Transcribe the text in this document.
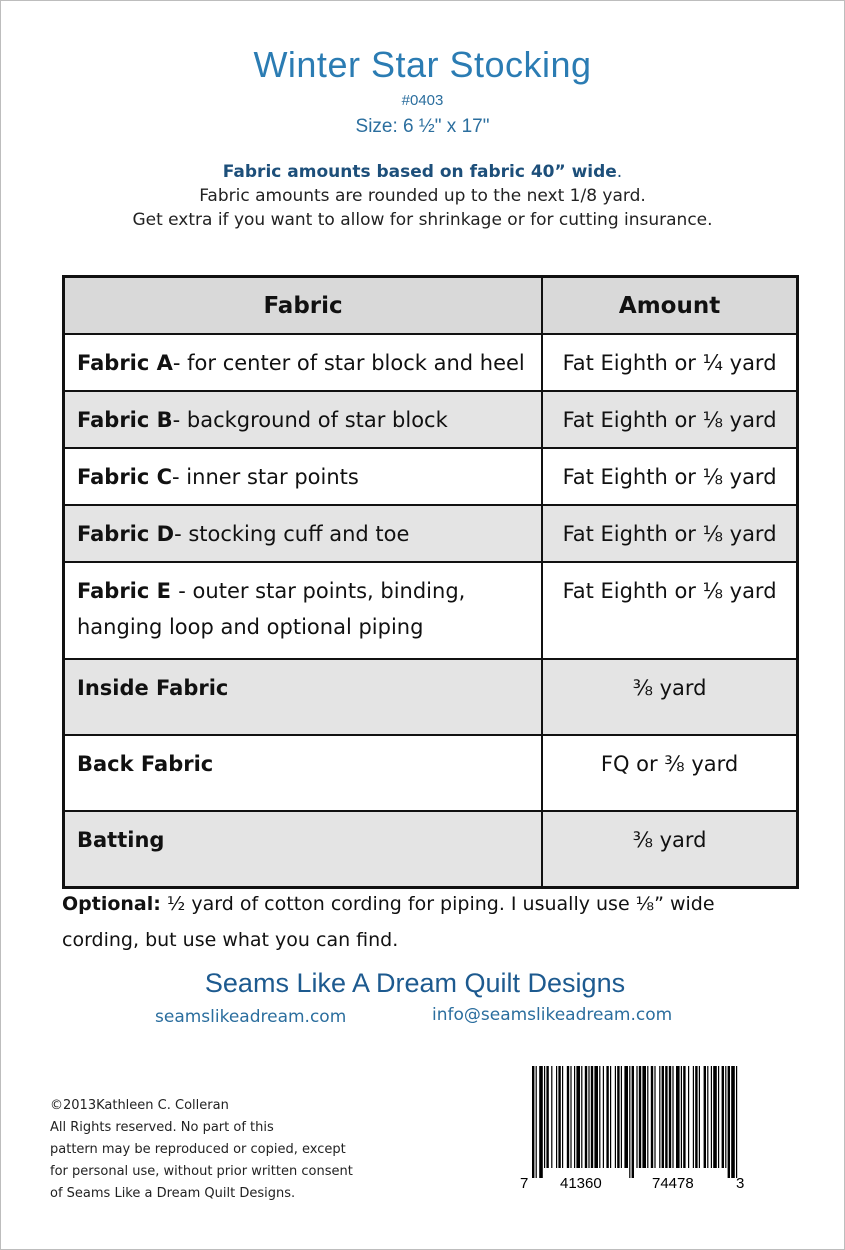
Winter Star Stocking
#0403
Size: 6 ½" x 17"
Fabric amounts based on fabric 40” wide.
Fabric amounts are rounded up to the next 1/8 yard.
Get extra if you want to allow for shrinkage or for cutting insurance.
Fabric	Amount
Fabric A- for center of star block and heel	Fat Eighth or ¼ yard
Fabric B- background of star block	Fat Eighth or ⅛ yard
Fabric C- inner star points	Fat Eighth or ⅛ yard
Fabric D- stocking cuff and toe	Fat Eighth or ⅛ yard
Fabric E - outer star points, binding, hanging loop and optional piping	Fat Eighth or ⅛ yard
Inside Fabric	⅜ yard
Back Fabric	FQ or ⅜ yard
Batting	⅜ yard
Optional: ½ yard of cotton cording for piping. I usually use ⅛” wide cording, but use what you can find.
Seams Like A Dream Quilt Designs
seamslikeadream.com	info@seamslikeadream.com
©2013Kathleen C. Colleran
All Rights reserved. No part of this
pattern may be reproduced or copied, except
for personal use, without prior written consent
of Seams Like a Dream Quilt Designs.
7 41360	74478	3
